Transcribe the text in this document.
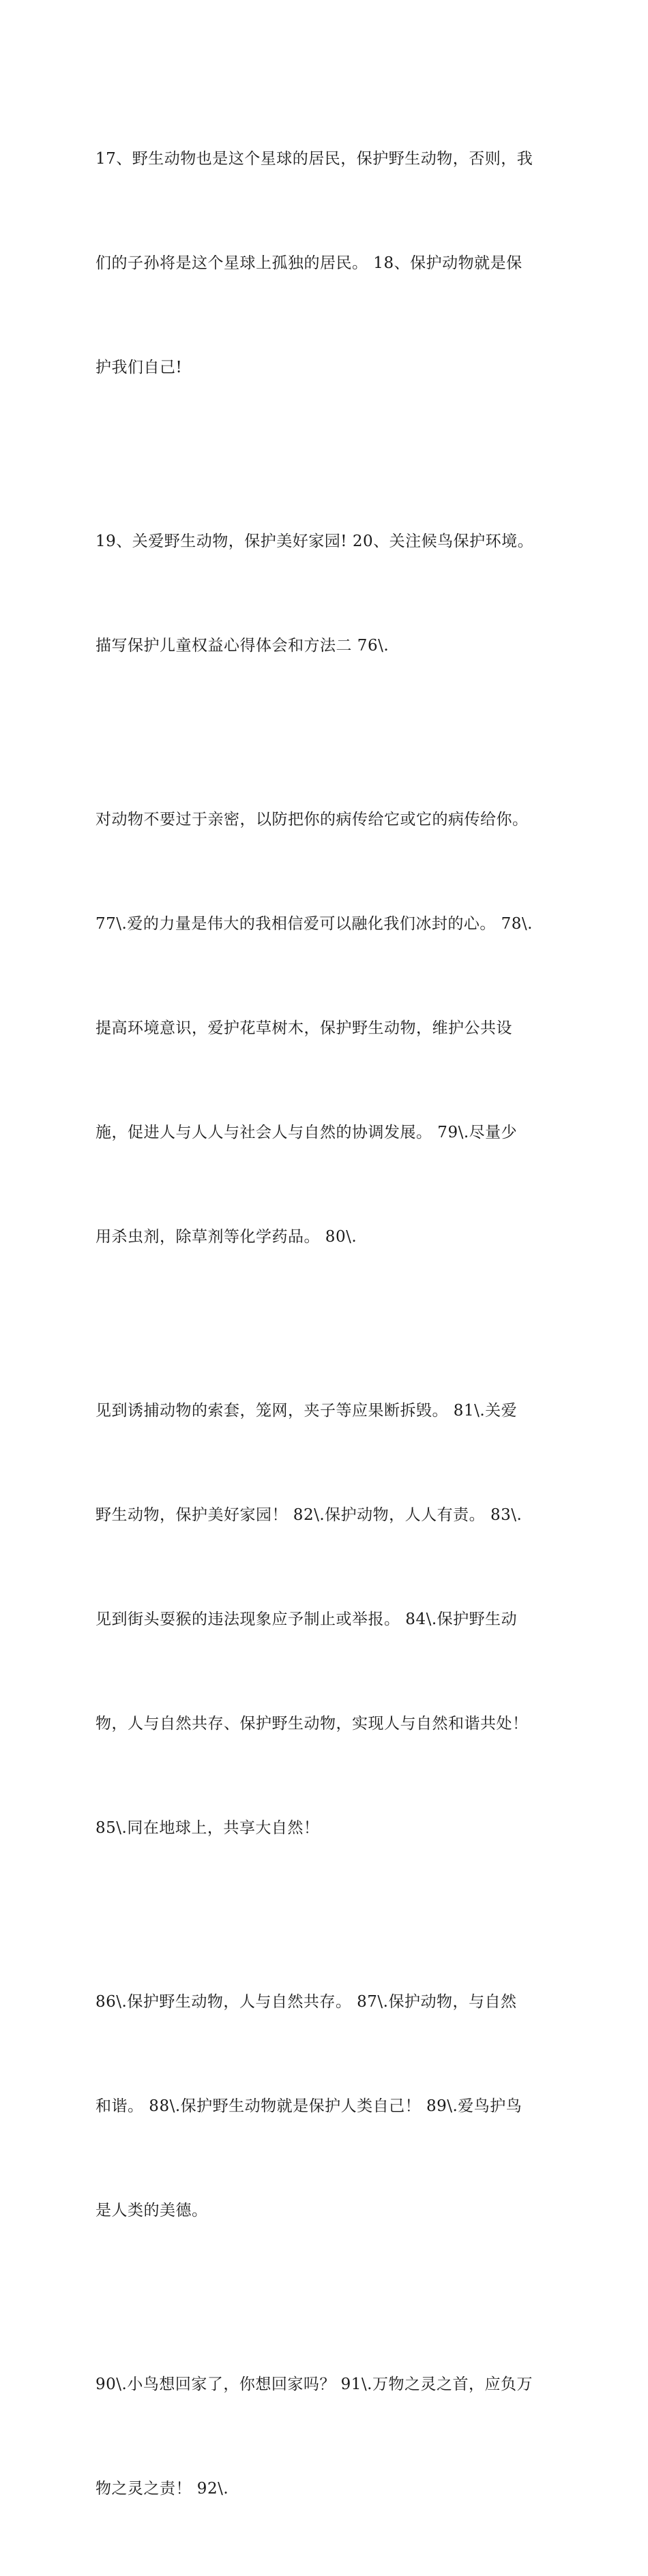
17、野生动物也是这个星球的居民，保护野生动物，否则，我

们的子孙将是这个星球上孤独的居民。 18、保护动物就是保

护我们自己!

19、关爱野生动物，保护美好家园! 20、关注候鸟保护环境。

描写保护儿童权益心得体会和方法二 76\.

对动物不要过于亲密，以防把你的病传给它或它的病传给你。

77\.爱的力量是伟大的我相信爱可以融化我们冰封的心。 78\.

提高环境意识，爱护花草树木，保护野生动物，维护公共设

施，促进人与人人与社会人与自然的协调发展。 79\.尽量少

用杀虫剂，除草剂等化学药品。 80\.

见到诱捕动物的索套，笼网，夹子等应果断拆毁。 81\.关爱

野生动物，保护美好家园！ 82\.保护动物，人人有责。 83\.

见到街头耍猴的违法现象应予制止或举报。 84\.保护野生动

物，人与自然共存、保护野生动物，实现人与自然和谐共处！

85\.同在地球上，共享大自然！

86\.保护野生动物，人与自然共存。 87\.保护动物，与自然

和谐。 88\.保护野生动物就是保护人类自己！ 89\.爱鸟护鸟

是人类的美德。

90\.小鸟想回家了，你想回家吗？ 91\.万物之灵之首，应负万

物之灵之责！ 92\.
